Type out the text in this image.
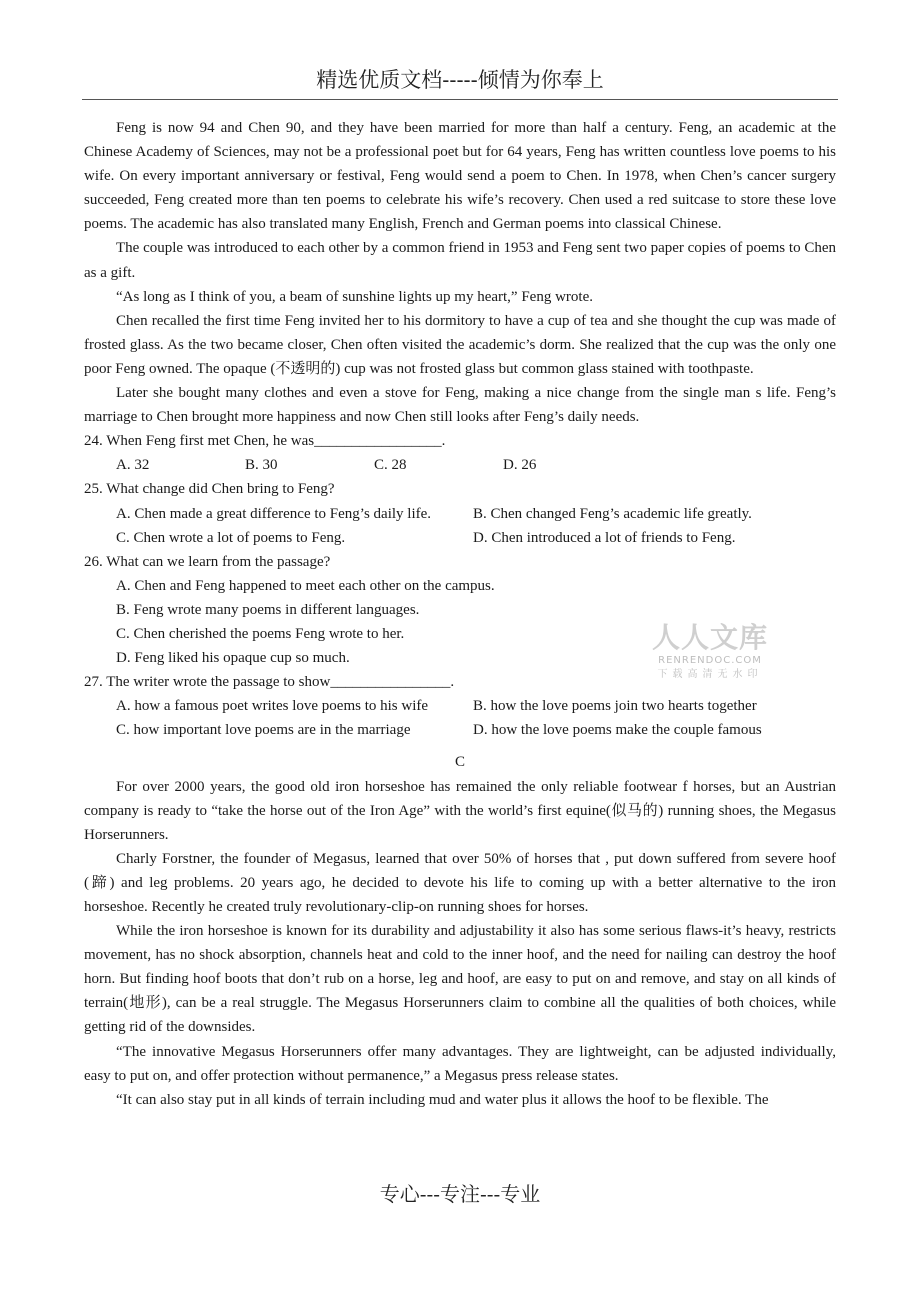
精选优质文档-----倾情为你奉上

Feng is now 94 and Chen 90, and they have been married for more than half a century. Feng, an academic at the Chinese Academy of Sciences, may not be a professional poet but for 64 years, Feng has written countless love poems to his wife. On every important anniversary or festival, Feng would send a poem to Chen. In 1978, when Chen’s cancer surgery succeeded, Feng created more than ten poems to celebrate his wife’s recovery. Chen used a red suitcase to store these love poems. The academic has also translated many English, French and German poems into classical Chinese.

The couple was introduced to each other by a common friend in 1953 and Feng sent two paper copies of poems to Chen as a gift.

“As long as I think of you, a beam of sunshine lights up my heart,” Feng wrote.

Chen recalled the first time Feng invited her to his dormitory to have a cup of tea and she thought the cup was made of frosted glass. As the two became closer, Chen often visited the academic’s dorm. She realized that the cup was the only one poor Feng owned. The opaque (不透明的) cup was not frosted glass but common glass stained with toothpaste.

Later she bought many clothes and even a stove for Feng, making a nice change from the single man s life. Feng’s marriage to Chen brought more happiness and now Chen still looks after Feng’s daily needs.

24. When Feng first met Chen, he was_________________.

A. 32	B. 30	C. 28	D. 26

25. What change did Chen bring to Feng?

A. Chen made a great difference to Feng’s daily life.	B. Chen changed Feng’s academic life greatly.
C. Chen wrote a lot of poems to Feng.	D. Chen introduced a lot of friends to Feng.

26. What can we learn from the passage?

A. Chen and Feng happened to meet each other on the campus.

B. Feng wrote many poems in different languages.

C. Chen cherished the poems Feng wrote to her.

D. Feng liked his opaque cup so much.

27. The writer wrote the passage to show________________.

A. how a famous poet writes love poems to his wife	B. how the love poems join two hearts together
C. how important love poems are in the marriage	D. how the love poems make the couple famous

C

For over 2000 years, the good old iron horseshoe has remained the only reliable footwear f horses, but an Austrian company is ready to “take the horse out of the Iron Age” with the world’s first equine(似马的) running shoes, the Megasus Horserunners.

Charly Forstner, the founder of Megasus, learned that over 50% of horses that , put down suffered from severe hoof (蹄) and leg problems. 20 years ago, he decided to devote his life to coming up with a better alternative to the iron horseshoe. Recently he created truly revolutionary-clip-on running shoes for horses.

While the iron horseshoe is known for its durability and adjustability it also has some serious flaws-it’s heavy, restricts movement, has no shock absorption, channels heat and cold to the inner hoof, and the need for nailing can destroy the hoof horn. But finding hoof boots that don’t rub on a horse, leg and hoof, are easy to put on and remove, and stay on all kinds of terrain(地形), can be a real struggle. The Megasus Horserunners claim to combine all the qualities of both choices, while getting rid of the downsides.

“The innovative Megasus Horserunners offer many advantages. They are lightweight, can be adjusted individually, easy to put on, and offer protection without permanence,” a Megasus press release states.

“It can also stay put in all kinds of terrain including mud and water plus it allows the hoof to be flexible. The

人人文库
RENRENDOC.COM
下载高清无水印
专心---专注---专业
